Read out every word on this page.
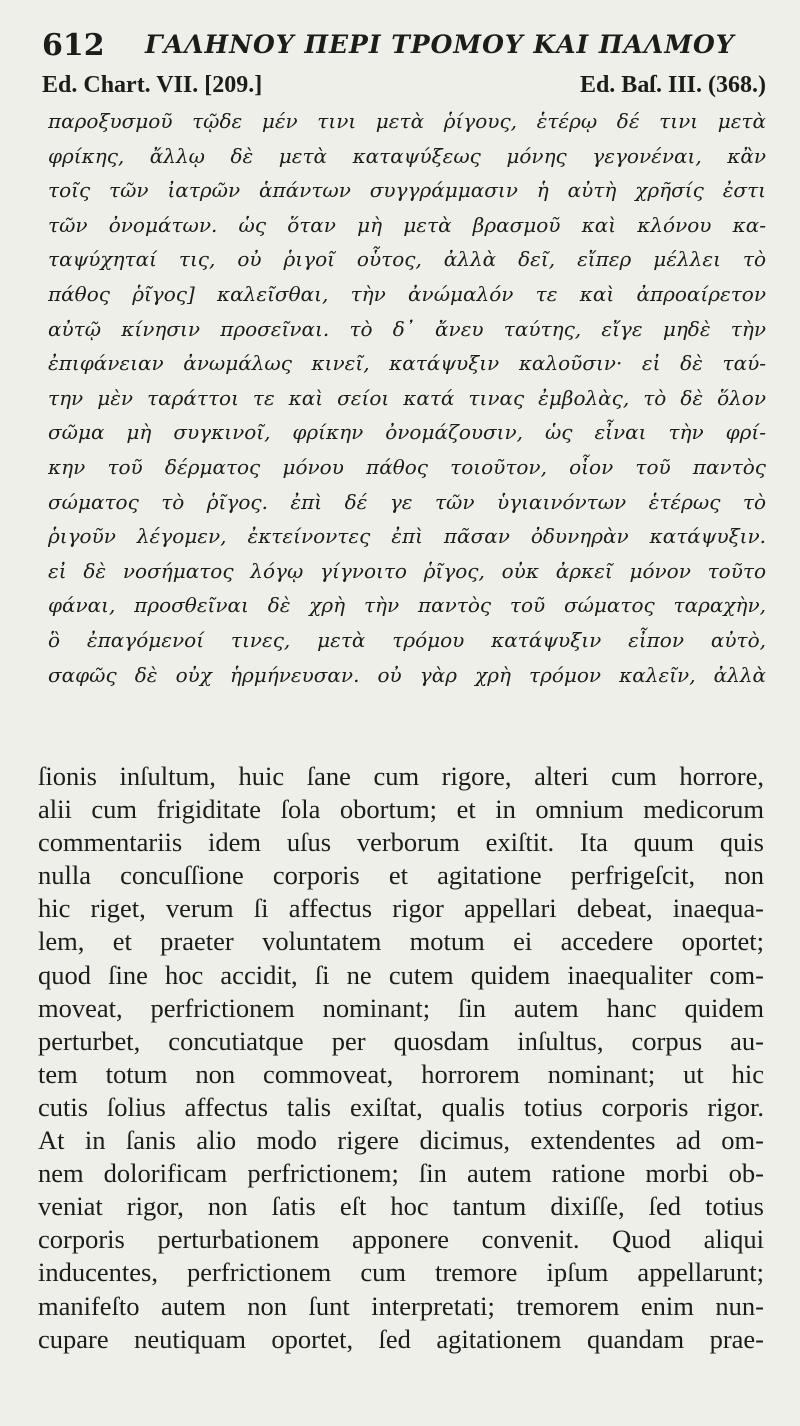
612 ΓΑΛΗΝΟΥ ΠΕΡΙ ΤΡΟΜΟΥ ΚΑΙ ΠΑΛΜΟΥ
Ed. Chart. VII. [209.]	Ed. Baſ. III. (368.)
παροξυσμοῦ τῷδε μέν τινι μετὰ ῥίγους, ἑτέρῳ δέ τινι μετὰ
φρίκης, ἄλλῳ δὲ μετὰ καταψύξεως μόνης γεγονέναι, κἂν
τοῖς τῶν ἰατρῶν ἁπάντων συγγράμμασιν ἡ αὐτὴ χρῆσίς ἐστι
τῶν ὀνομάτων. ὡς ὅταν μὴ μετὰ βρασμοῦ καὶ κλόνου κα-
ταψύχηταί τις, οὐ ῥιγοῖ οὗτος, ἀλλὰ δεῖ, εἴπερ μέλλει τὸ
πάθος ῥῖγος] καλεῖσθαι, τὴν ἀνώμαλόν τε καὶ ἀπροαίρετον
αὐτῷ κίνησιν προσεῖναι. τὸ δ᾽ ἄνευ ταύτης, εἴγε μηδὲ τὴν
ἐπιφάνειαν ἀνωμάλως κινεῖ, κατάψυξιν καλοῦσιν· εἰ δὲ ταύ-
την μὲν ταράττοι τε καὶ σείοι κατά τινας ἐμβολὰς, τὸ δὲ ὅλον
σῶμα μὴ συγκινοῖ, φρίκην ὀνομάζουσιν, ὡς εἶναι τὴν φρί-
κην τοῦ δέρματος μόνου πάθος τοιοῦτον, οἷον τοῦ παντὸς
σώματος τὸ ῥῖγος. ἐπὶ δέ γε τῶν ὑγιαινόντων ἑτέρως τὸ
ῥιγοῦν λέγομεν, ἐκτείνοντες ἐπὶ πᾶσαν ὀδυνηρὰν κατάψυξιν.
εἰ δὲ νοσήματος λόγῳ γίγνοιτο ῥῖγος, οὐκ ἀρκεῖ μόνον τοῦτο
φάναι, προσθεῖναι δὲ χρὴ τὴν παντὸς τοῦ σώματος ταραχὴν,
ὃ ἐπαγόμενοί τινες, μετὰ τρόμου κατάψυξιν εἶπον αὐτὸ,
σαφῶς δὲ οὐχ ἡρμήνευσαν. οὐ γὰρ χρὴ τρόμον καλεῖν, ἀλλὰ
ſionis inſultum, huic ſane cum rigore, alteri cum horrore,
alii cum frigiditate ſola obortum; et in omnium medicorum
commentariis idem uſus verborum exiſtit. Ita quum quis
nulla concuſſione corporis et agitatione perfrigeſcit, non
hic riget, verum ſi affectus rigor appellari debeat, inaequa-
lem, et praeter voluntatem motum ei accedere oportet;
quod ſine hoc accidit, ſi ne cutem quidem inaequaliter com-
moveat, perfrictionem nominant; ſin autem hanc quidem
perturbet, concutiatque per quosdam inſultus, corpus au-
tem totum non commoveat, horrorem nominant; ut hic
cutis ſolius affectus talis exiſtat, qualis totius corporis rigor.
At in ſanis alio modo rigere dicimus, extendentes ad om-
nem dolorificam perfrictionem; ſin autem ratione morbi ob-
veniat rigor, non ſatis eſt hoc tantum dixiſſe, ſed totius
corporis perturbationem apponere convenit. Quod aliqui
inducentes, perfrictionem cum tremore ipſum appellarunt;
manifeſto autem non ſunt interpretati; tremorem enim nun-
cupare neutiquam oportet, ſed agitationem quandam prae-
